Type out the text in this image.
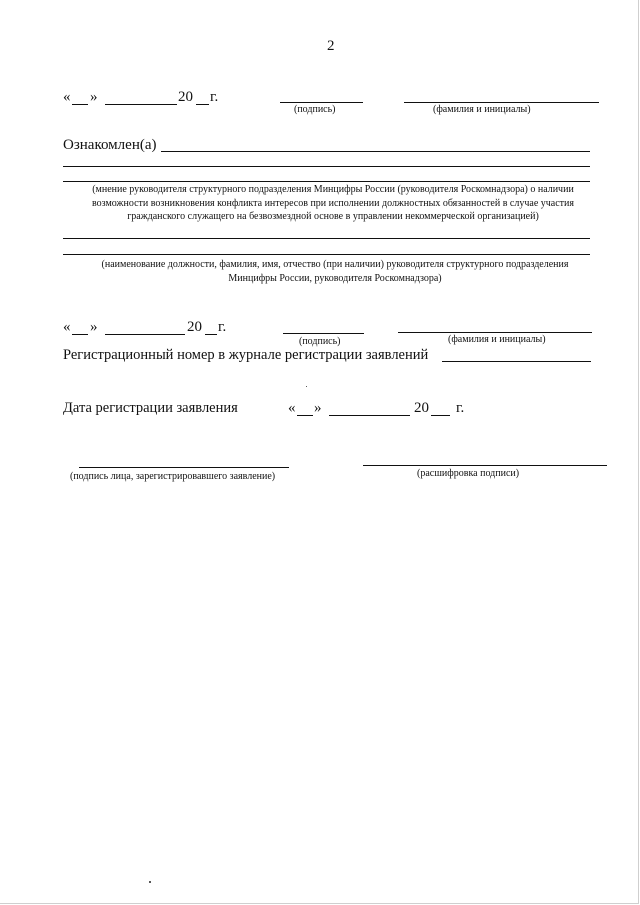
2
« »	20 г.
(подпись)	(фамилия и инициалы)
Ознакомлен(а)
(мнение руководителя структурного подразделения Минцифры России (руководителя Роскомнадзора) о наличии возможности возникновения конфликта интересов при исполнении должностных обязанностей в случае участия гражданского служащего на безвозмездной основе в управлении некоммерческой организацией)
(наименование должности, фамилия, имя, отчество (при наличии) руководителя структурного подразделения Минцифры России, руководителя Роскомнадзора)
« »	20 г.
(подпись)	(фамилия и инициалы)
Регистрационный номер в журнале регистрации заявлений
Дата регистрации заявления	« »	20 г.
(подпись лица, зарегистрировавшего заявление)	(расшифровка подписи)
